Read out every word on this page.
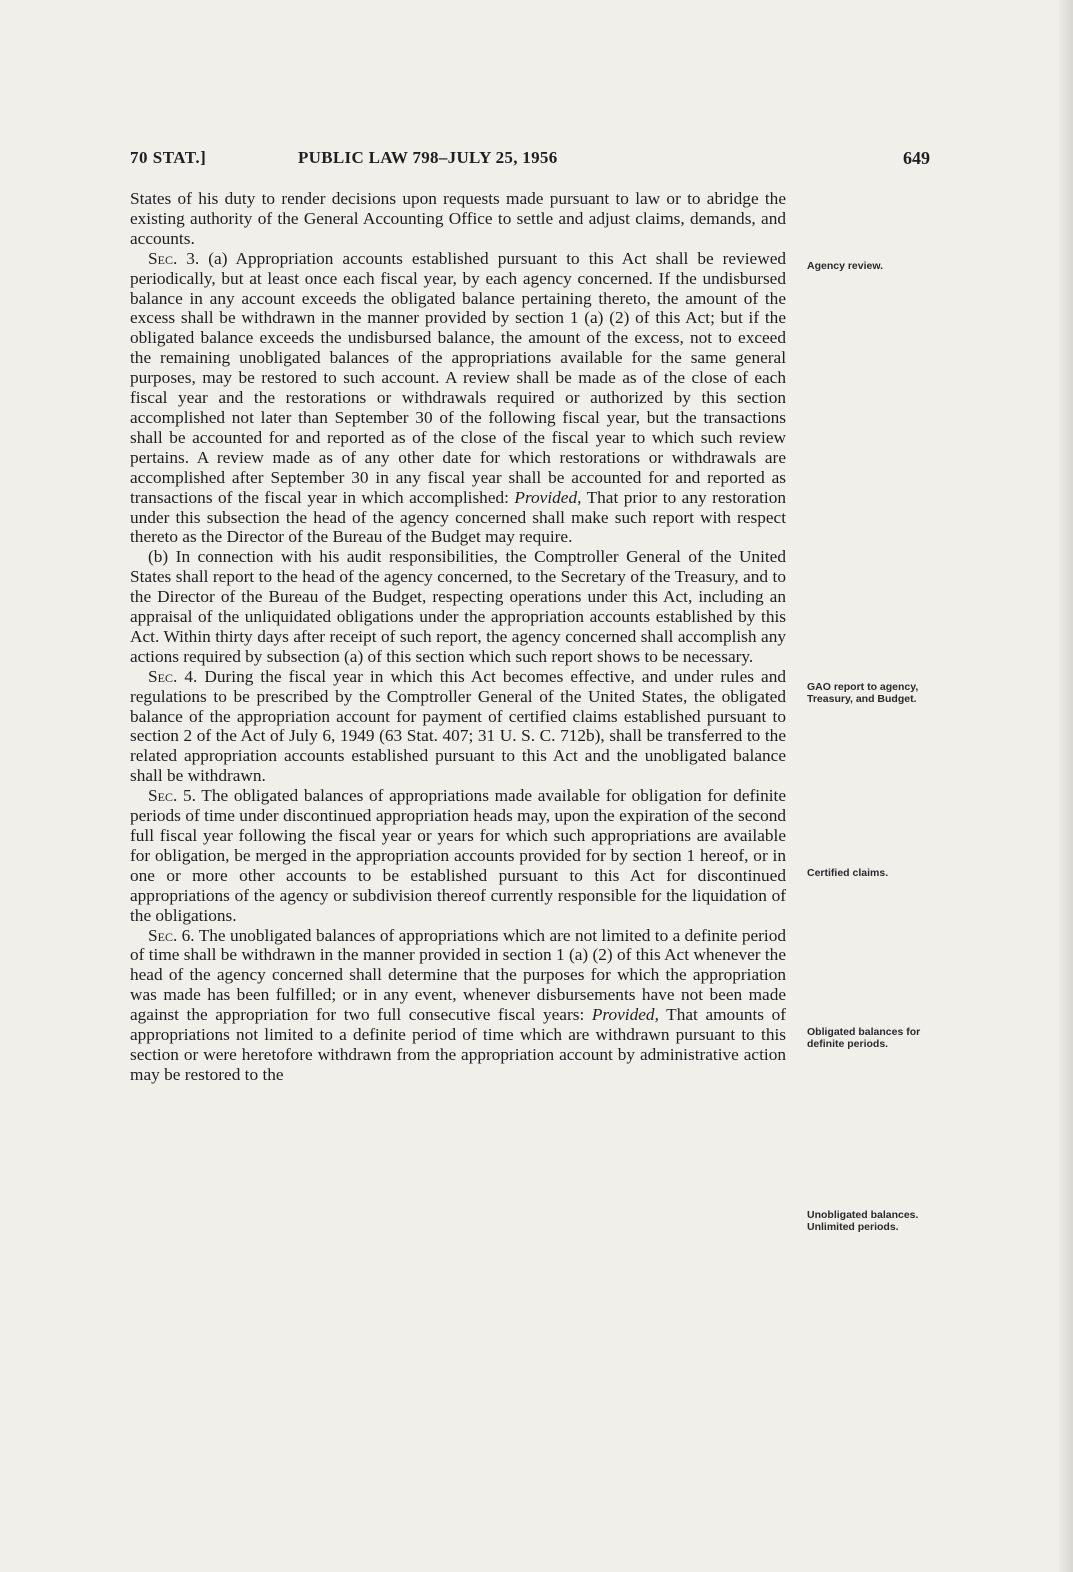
70 STAT.]	PUBLIC LAW 798–JULY 25, 1956	649

States of his duty to render decisions upon requests made pursuant to law or to abridge the existing authority of the General Accounting Office to settle and adjust claims, demands, and accounts.

Sec. 3. (a) Appropriation accounts established pursuant to this Act shall be reviewed periodically, but at least once each fiscal year, by each agency concerned. If the undisbursed balance in any account exceeds the obligated balance pertaining thereto, the amount of the excess shall be withdrawn in the manner provided by section 1 (a) (2) of this Act; but if the obligated balance exceeds the undisbursed balance, the amount of the excess, not to exceed the remaining unobligated balances of the appropriations available for the same general purposes, may be restored to such account. A review shall be made as of the close of each fiscal year and the restorations or withdrawals required or authorized by this section accomplished not later than September 30 of the following fiscal year, but the transactions shall be accounted for and reported as of the close of the fiscal year to which such review pertains. A review made as of any other date for which restorations or withdrawals are accomplished after September 30 in any fiscal year shall be accounted for and reported as transactions of the fiscal year in which accomplished: Provided, That prior to any restoration under this subsection the head of the agency concerned shall make such report with respect thereto as the Director of the Bureau of the Budget may require.

(b) In connection with his audit responsibilities, the Comptroller General of the United States shall report to the head of the agency concerned, to the Secretary of the Treasury, and to the Director of the Bureau of the Budget, respecting operations under this Act, including an appraisal of the unliquidated obligations under the appropriation accounts established by this Act. Within thirty days after receipt of such report, the agency concerned shall accomplish any actions required by subsection (a) of this section which such report shows to be necessary.

Sec. 4. During the fiscal year in which this Act becomes effective, and under rules and regulations to be prescribed by the Comptroller General of the United States, the obligated balance of the appropriation account for payment of certified claims established pursuant to section 2 of the Act of July 6, 1949 (63 Stat. 407; 31 U. S. C. 712b), shall be transferred to the related appropriation accounts established pursuant to this Act and the unobligated balance shall be withdrawn.

Sec. 5. The obligated balances of appropriations made available for obligation for definite periods of time under discontinued appropriation heads may, upon the expiration of the second full fiscal year following the fiscal year or years for which such appropriations are available for obligation, be merged in the appropriation accounts provided for by section 1 hereof, or in one or more other accounts to be established pursuant to this Act for discontinued appropriations of the agency or subdivision thereof currently responsible for the liquidation of the obligations.

Sec. 6. The unobligated balances of appropriations which are not limited to a definite period of time shall be withdrawn in the manner provided in section 1 (a) (2) of this Act whenever the head of the agency concerned shall determine that the purposes for which the appropriation was made has been fulfilled; or in any event, whenever disbursements have not been made against the appropriation for two full consecutive fiscal years: Provided, That amounts of appropriations not limited to a definite period of time which are withdrawn pursuant to this section or were heretofore withdrawn from the appropriation account by administrative action may be restored to the

Agency review.
GAO report to agency, Treasury, and Budget.
Certified claims.
Obligated balances for definite periods.
Unobligated balances. Unlimited periods.
